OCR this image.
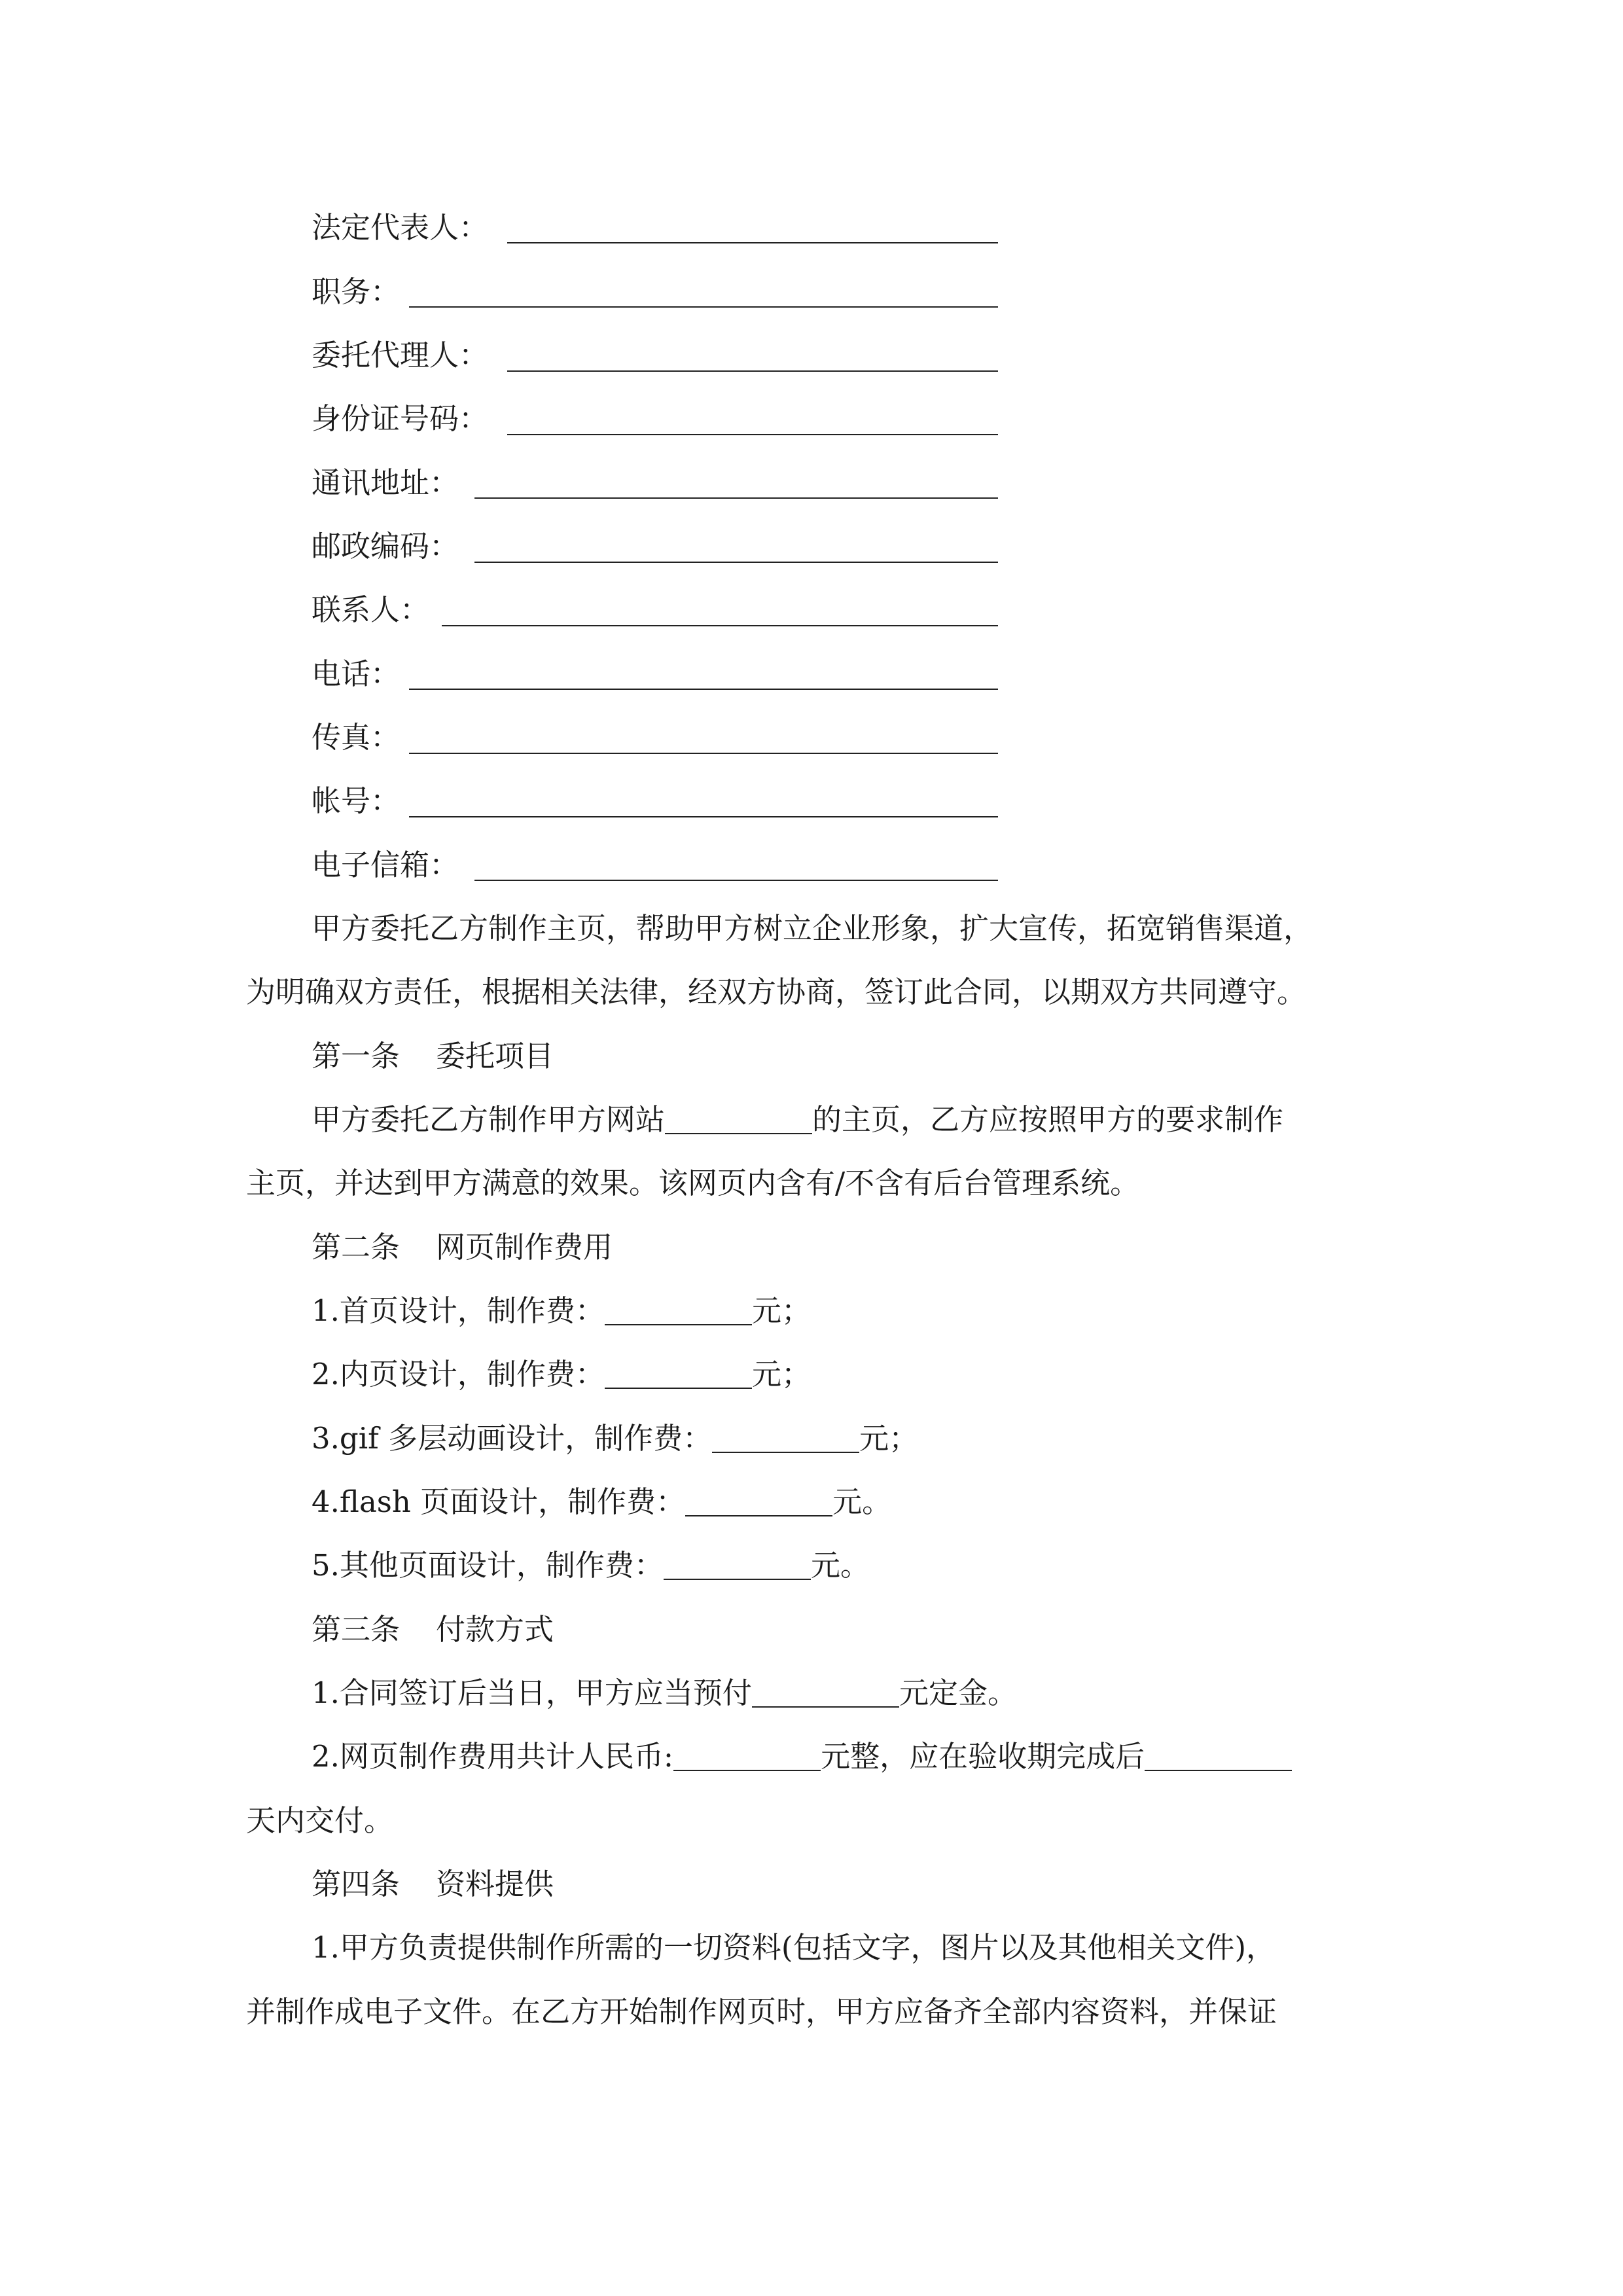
法定代表人：
职务：
委托代理人：
身份证号码：
通讯地址：
邮政编码：
联系人：
电话：
传真：
帐号：
电子信箱：
甲方委托乙方制作主页，帮助甲方树立企业形象，扩大宣传，拓宽销售渠道，
为明确双方责任，根据相关法律，经双方协商，签订此合同，以期双方共同遵守。
第一条 委托项目
甲方委托乙方制作甲方网站	的主页，乙方应按照甲方的要求制作
主页，并达到甲方满意的效果。该网页内含有/不含有后台管理系统。
第二条 网页制作费用
1.首页设计，制作费：	元；
2.内页设计，制作费：	元；
3.gif 多层动画设计，制作费：	元；
4.flash 页面设计，制作费：	元。
5.其他页面设计，制作费：	元。
第三条 付款方式
1.合同签订后当日，甲方应当预付	元定金。
2.网页制作费用共计人民币:	元整，应在验收期完成后
天内交付。
第四条 资料提供
1.甲方负责提供制作所需的一切资料(包括文字，图片以及其他相关文件)，
并制作成电子文件。在乙方开始制作网页时，甲方应备齐全部内容资料，并保证
